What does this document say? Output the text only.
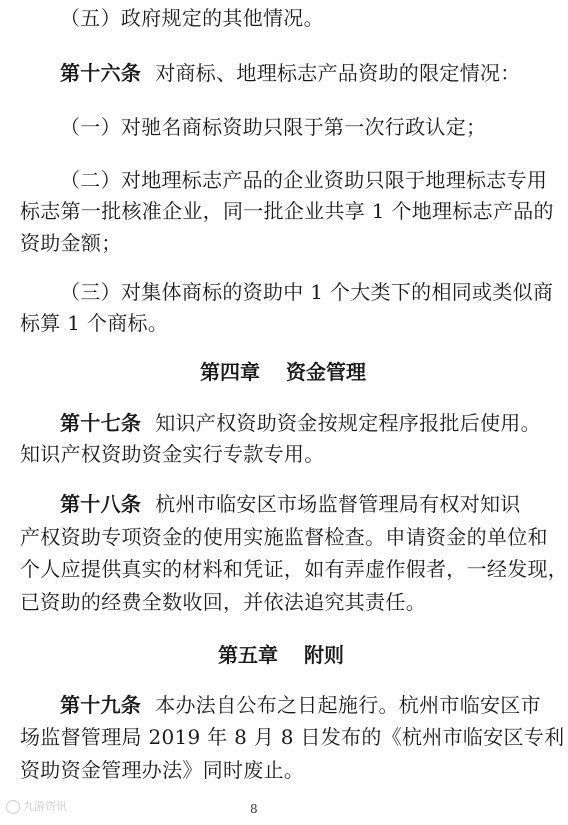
（五）政府规定的其他情况。
第十六条 对商标、地理标志产品资助的限定情况：
（一）对驰名商标资助只限于第一次行政认定；
（二）对地理标志产品的企业资助只限于地理标志专用
标志第一批核准企业，同一批企业共享 1 个地理标志产品的
资助金额；
（三）对集体商标的资助中 1 个大类下的相同或类似商
标算 1 个商标。
第四章 资金管理
第十七条 知识产权资助资金按规定程序报批后使用。
知识产权资助资金实行专款专用。
第十八条 杭州市临安区市场监督管理局有权对知识
产权资助专项资金的使用实施监督检查。申请资金的单位和
个人应提供真实的材料和凭证，如有弄虚作假者，一经发现，
已资助的经费全数收回，并依法追究其责任。
第五章 附则
第十九条 本办法自公布之日起施行。杭州市临安区市
场监督管理局 2019 年 8 月 8 日发布的《杭州市临安区专利
资助资金管理办法》同时废止。
九游资讯	8
